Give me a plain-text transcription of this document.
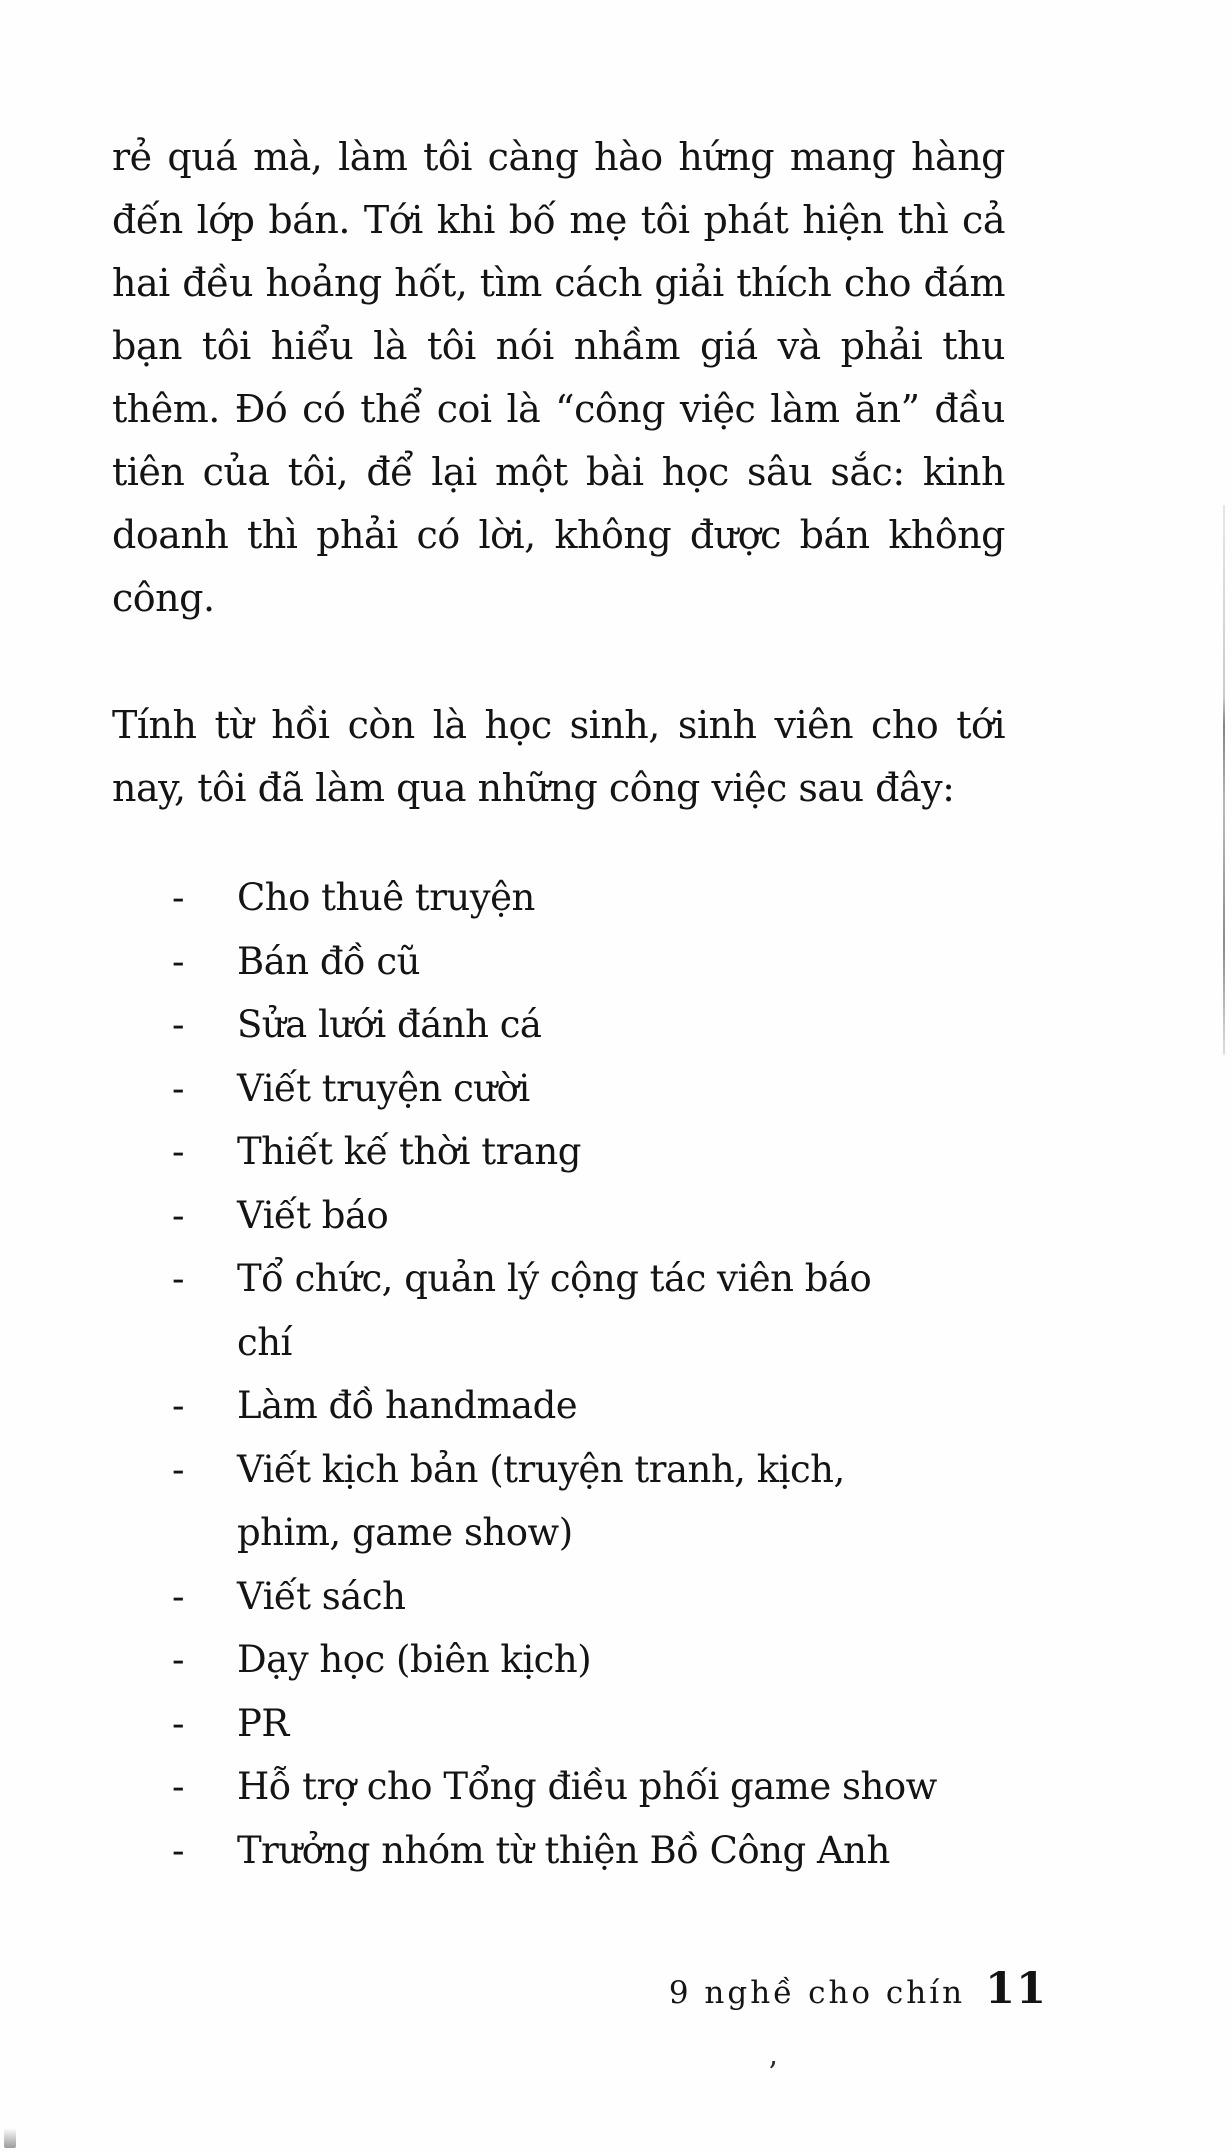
rẻ quá mà, làm tôi càng hào hứng mang hàng đến lớp bán. Tới khi bố mẹ tôi phát hiện thì cả hai đều hoảng hốt, tìm cách giải thích cho đám bạn tôi hiểu là tôi nói nhầm giá và phải thu thêm. Đó có thể coi là “công việc làm ăn” đầu tiên của tôi, để lại một bài học sâu sắc: kinh doanh thì phải có lời, không được bán không công.

Tính từ hồi còn là học sinh, sinh viên cho tới nay, tôi đã làm qua những công việc sau đây:

-	Cho thuê truyện
-	Bán đồ cũ
-	Sửa lưới đánh cá
-	Viết truyện cười
-	Thiết kế thời trang
-	Viết báo
-	Tổ chức, quản lý cộng tác viên báo chí
-	Làm đồ handmade
-	Viết kịch bản (truyện tranh, kịch, phim, game show)
-	Viết sách
-	Dạy học (biên kịch)
-	PR
-	Hỗ trợ cho Tổng điều phối game show
-	Trưởng nhóm từ thiện Bồ Công Anh
9 nghề cho chín 11
’
